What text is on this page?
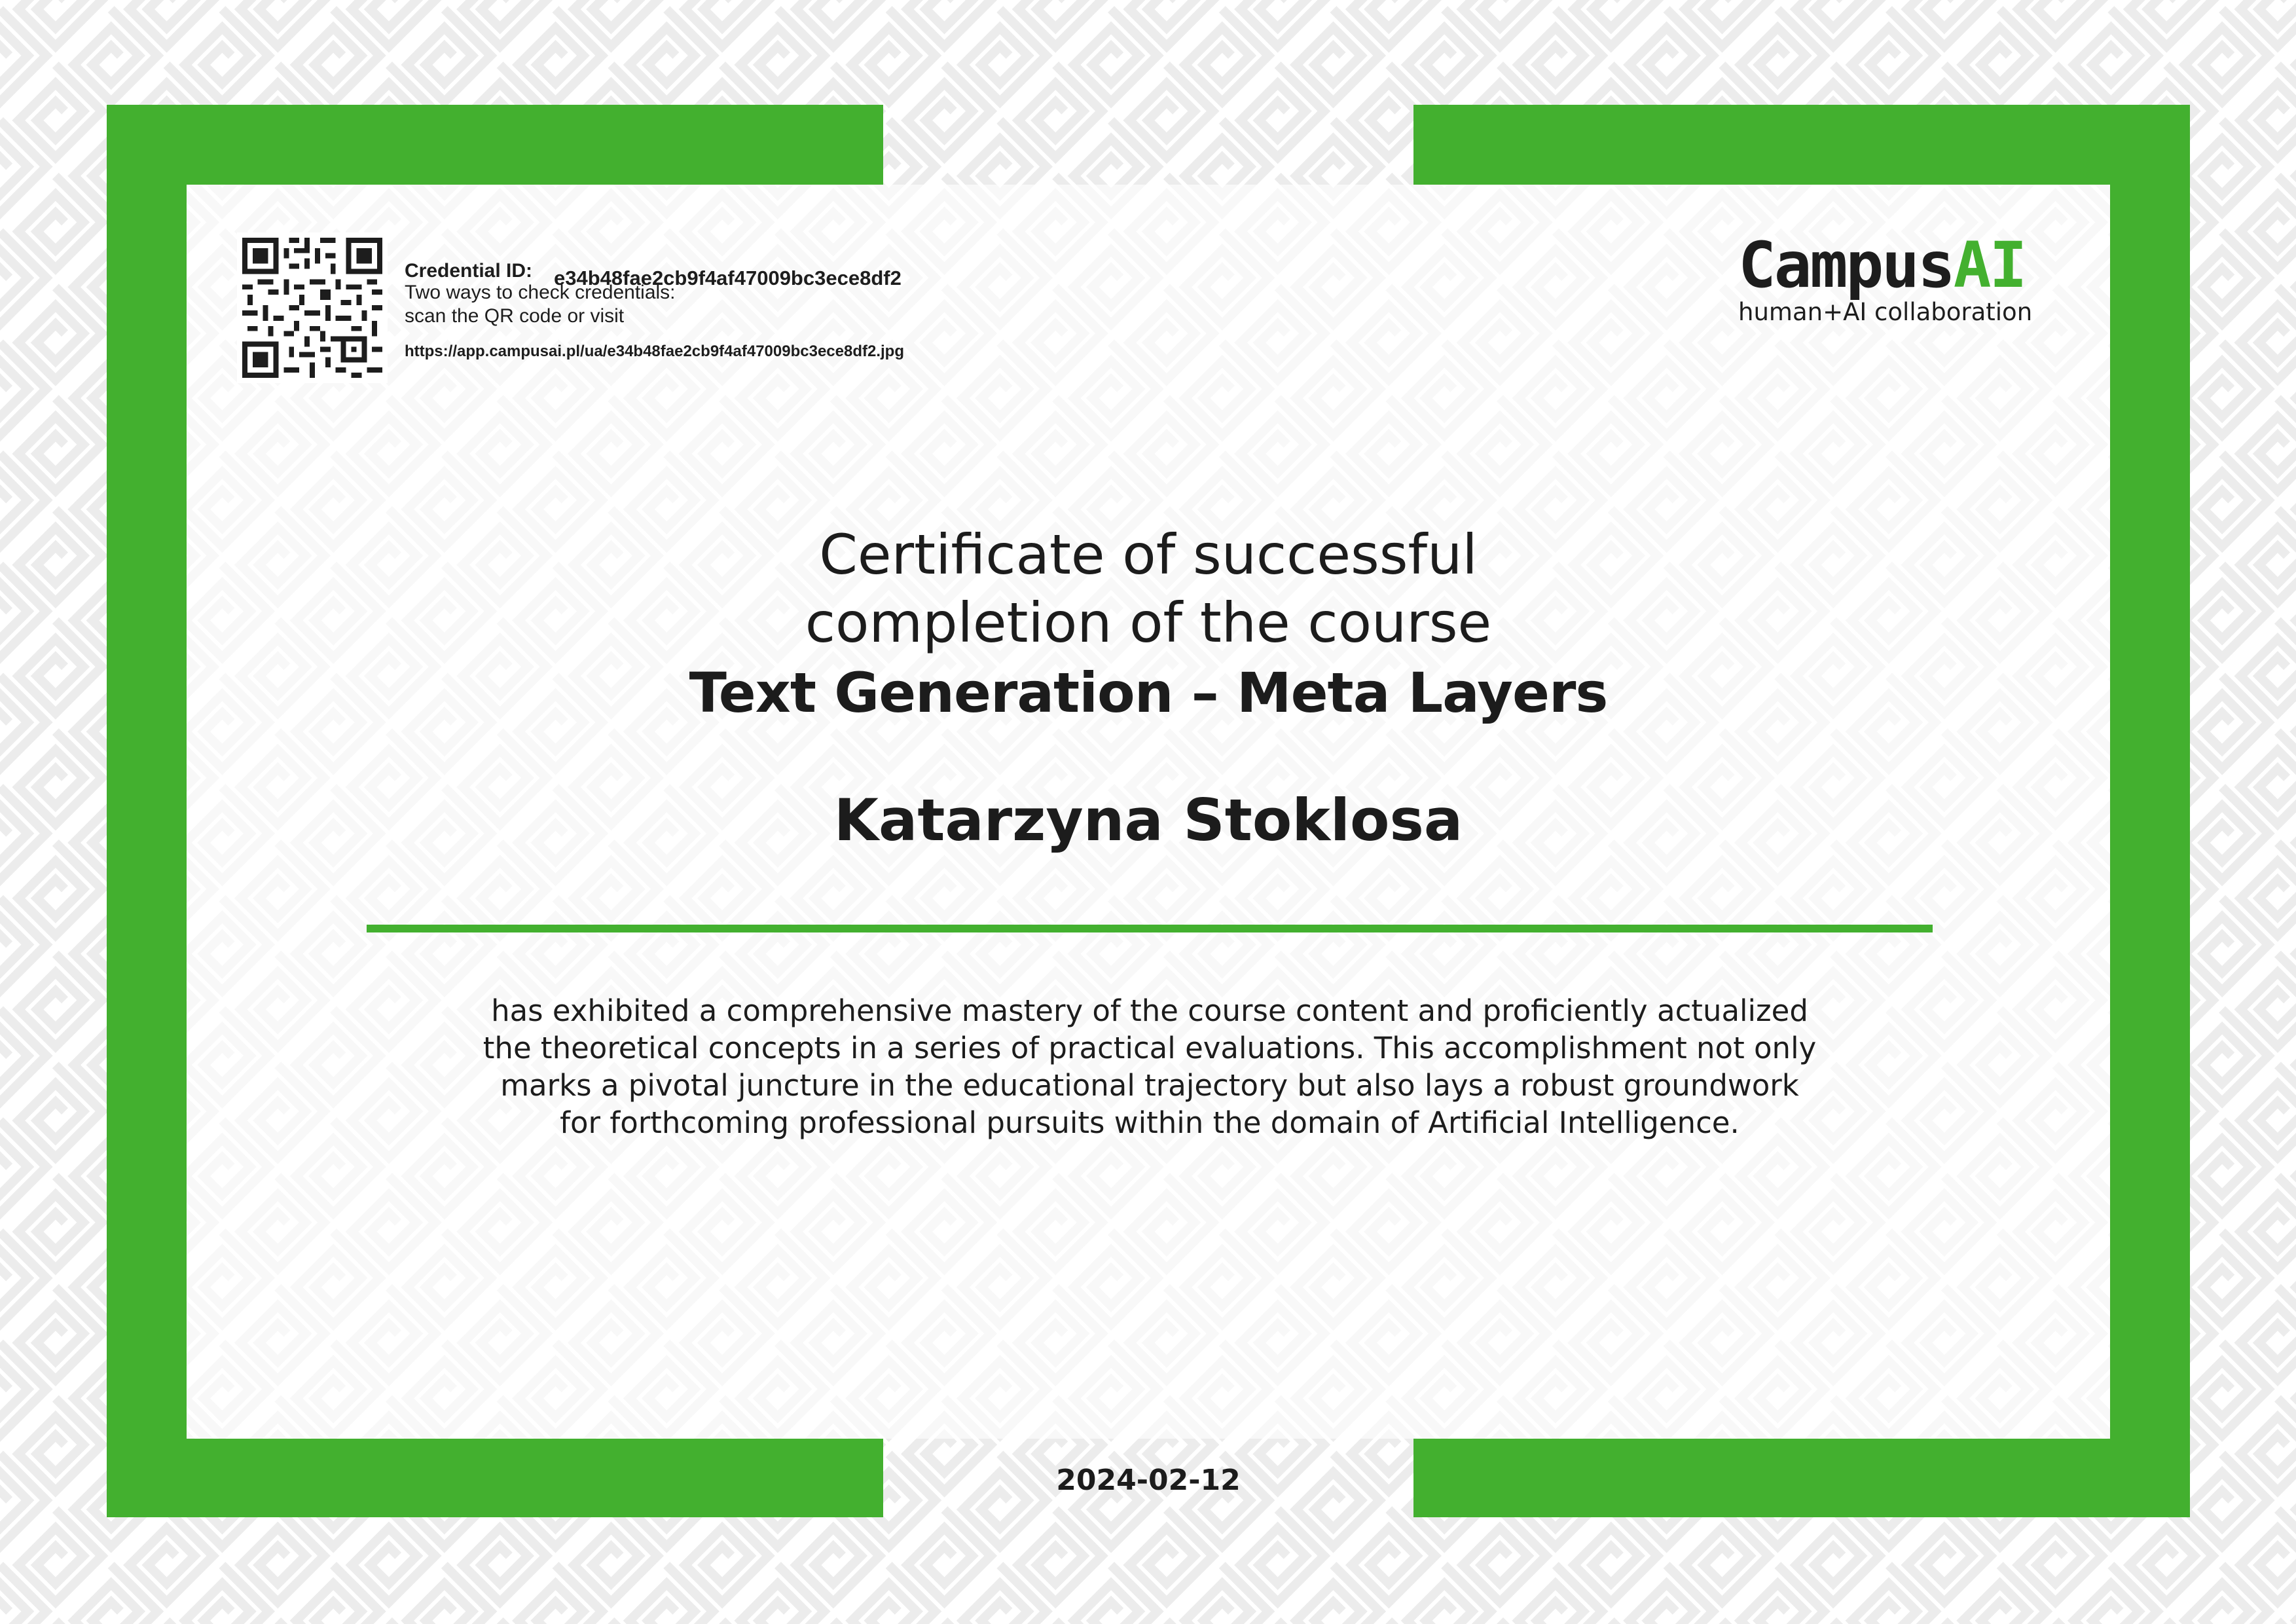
Credential ID: e34b48fae2cb9f4af47009bc3ece8df2
Two ways to check credentials:
scan the QR code or visit
https://app.campusai.pl/ua/e34b48fae2cb9f4af47009bc3ece8df2.jpg
CampusAI
human+AI collaboration
Certificate of successful
completion of the course
Text Generation – Meta Layers
Katarzyna Stoklosa
has exhibited a comprehensive mastery of the course content and proficiently actualized
the theoretical concepts in a series of practical evaluations. This accomplishment not only
marks a pivotal juncture in the educational trajectory but also lays a robust groundwork
for forthcoming professional pursuits within the domain of Artificial Intelligence.
2024-02-12
